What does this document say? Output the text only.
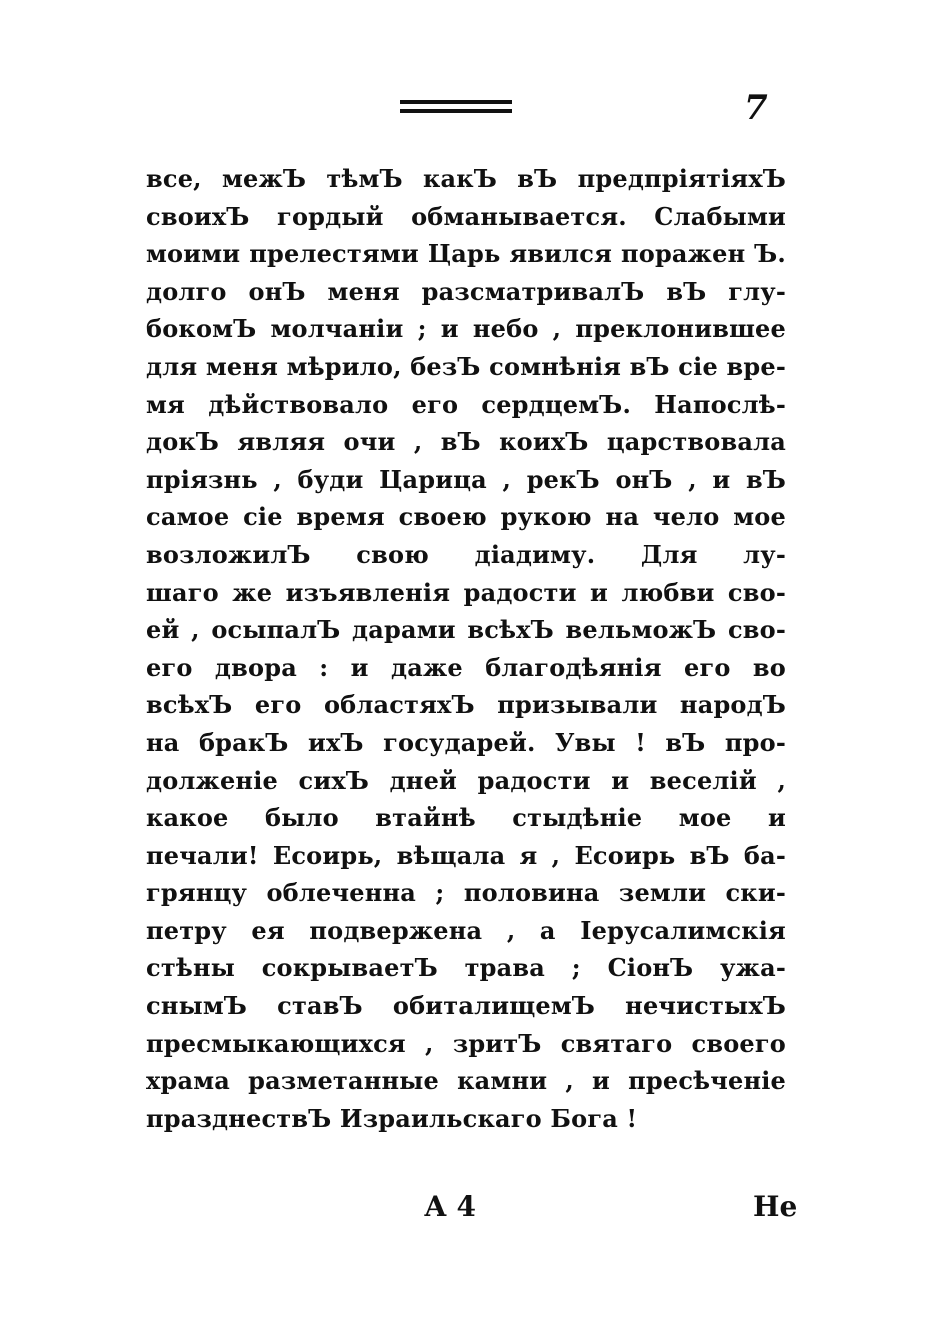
7
все, межЪ тѣмЪ какЪ вЪ предпріятіяхЪ
своихЪ гордый обманывается. Слабыми
моими прелестями Царь явился поражен Ъ.
долго онЪ меня разсматривалЪ вЪ глу-
бокомЪ молчаніи ; и небо , преклонившее
для меня мѣрило, безЪ сомнѣнія вЪ сіе вре-
мя дѣйствовало его сердцемЪ. Напослѣ-
докЪ являя очи , вЪ коихЪ царствовала
пріязнь , буди Царица , рекЪ онЪ , и вЪ
самое сіе время своею рукою на чело мое
возложилЪ свою діадиму. Для лу-
шаго же изъявленія радости и любви сво-
ей , осыпалЪ дарами всѣхЪ вельможЪ сво-
его двора : и даже благодѣянія его во
всѣхЪ его областяхЪ призывали народЪ
на бракЪ ихЪ государей. Увы ! вЪ про-
долженіе сихЪ дней радости и веселій ,
какое было втайнѣ стыдѣніе мое и
печали! Есоирь, вѣщала я , Есоирь вЪ ба-
грянцу облеченна ; половина земли ски-
петру ея подвержена , а Іерусалимскія
стѣны сокрываетЪ трава ; СіонЪ ужа-
снымЪ ставЪ обиталищемЪ нечистыхЪ
пресмыкающихся , зритЪ святаго своего
храма разметанные камни , и пресѣченіе
празднествЪ Израильскаго Бога !
А 4	Не
